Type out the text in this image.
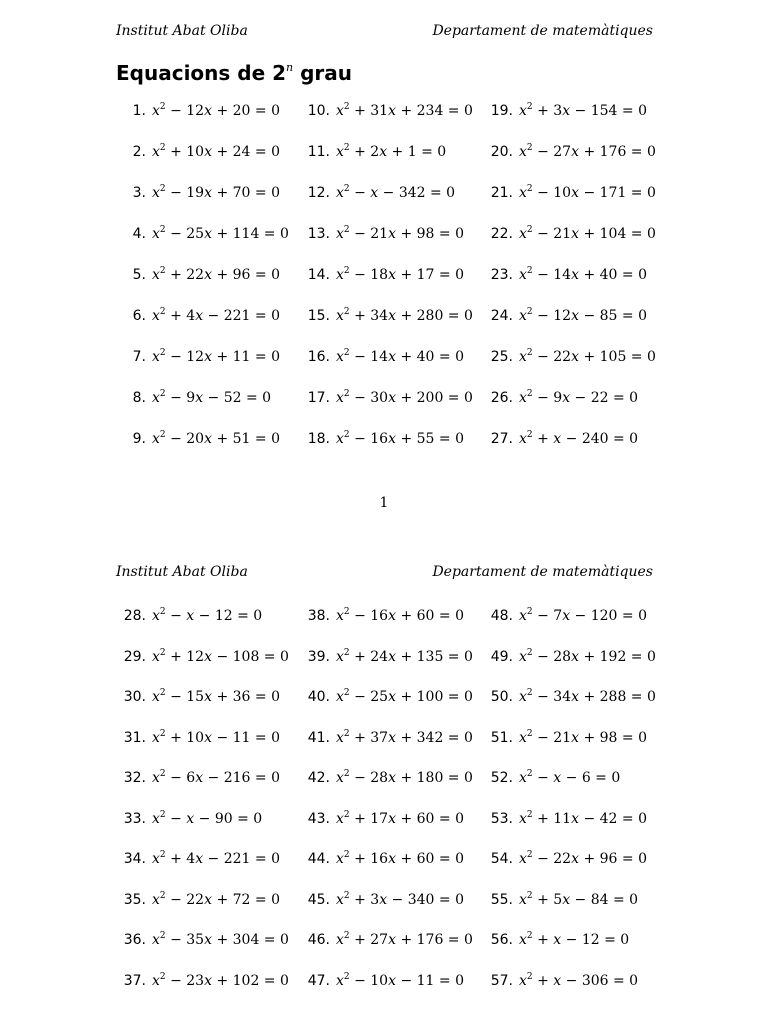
Institut Abat Oliba	Departament de matemàtiques
Equacions de 2$^n$ grau
1. $x^2 - 12x + 20 = 0$
2. $x^2 + 10x + 24 = 0$
3. $x^2 - 19x + 70 = 0$
4. $x^2 - 25x + 114 = 0$
5. $x^2 + 22x + 96 = 0$
6. $x^2 + 4x - 221 = 0$
7. $x^2 - 12x + 11 = 0$
8. $x^2 - 9x - 52 = 0$
9. $x^2 - 20x + 51 = 0$
10. $x^2 + 31x + 234 = 0$
11. $x^2 + 2x + 1 = 0$
12. $x^2 - x - 342 = 0$
13. $x^2 - 21x + 98 = 0$
14. $x^2 - 18x + 17 = 0$
15. $x^2 + 34x + 280 = 0$
16. $x^2 - 14x + 40 = 0$
17. $x^2 - 30x + 200 = 0$
18. $x^2 - 16x + 55 = 0$
19. $x^2 + 3x - 154 = 0$
20. $x^2 - 27x + 176 = 0$
21. $x^2 - 10x - 171 = 0$
22. $x^2 - 21x + 104 = 0$
23. $x^2 - 14x + 40 = 0$
24. $x^2 - 12x - 85 = 0$
25. $x^2 - 22x + 105 = 0$
26. $x^2 - 9x - 22 = 0$
27. $x^2 + x - 240 = 0$
1
Institut Abat Oliba	Departament de matemàtiques
28. $x^2 - x - 12 = 0$
29. $x^2 + 12x - 108 = 0$
30. $x^2 - 15x + 36 = 0$
31. $x^2 + 10x - 11 = 0$
32. $x^2 - 6x - 216 = 0$
33. $x^2 - x - 90 = 0$
34. $x^2 + 4x - 221 = 0$
35. $x^2 - 22x + 72 = 0$
36. $x^2 - 35x + 304 = 0$
37. $x^2 - 23x + 102 = 0$
38. $x^2 - 16x + 60 = 0$
39. $x^2 + 24x + 135 = 0$
40. $x^2 - 25x + 100 = 0$
41. $x^2 + 37x + 342 = 0$
42. $x^2 - 28x + 180 = 0$
43. $x^2 + 17x + 60 = 0$
44. $x^2 + 16x + 60 = 0$
45. $x^2 + 3x - 340 = 0$
46. $x^2 + 27x + 176 = 0$
47. $x^2 - 10x - 11 = 0$
48. $x^2 - 7x - 120 = 0$
49. $x^2 - 28x + 192 = 0$
50. $x^2 - 34x + 288 = 0$
51. $x^2 - 21x + 98 = 0$
52. $x^2 - x - 6 = 0$
53. $x^2 + 11x - 42 = 0$
54. $x^2 - 22x + 96 = 0$
55. $x^2 + 5x - 84 = 0$
56. $x^2 + x - 12 = 0$
57. $x^2 + x - 306 = 0$
